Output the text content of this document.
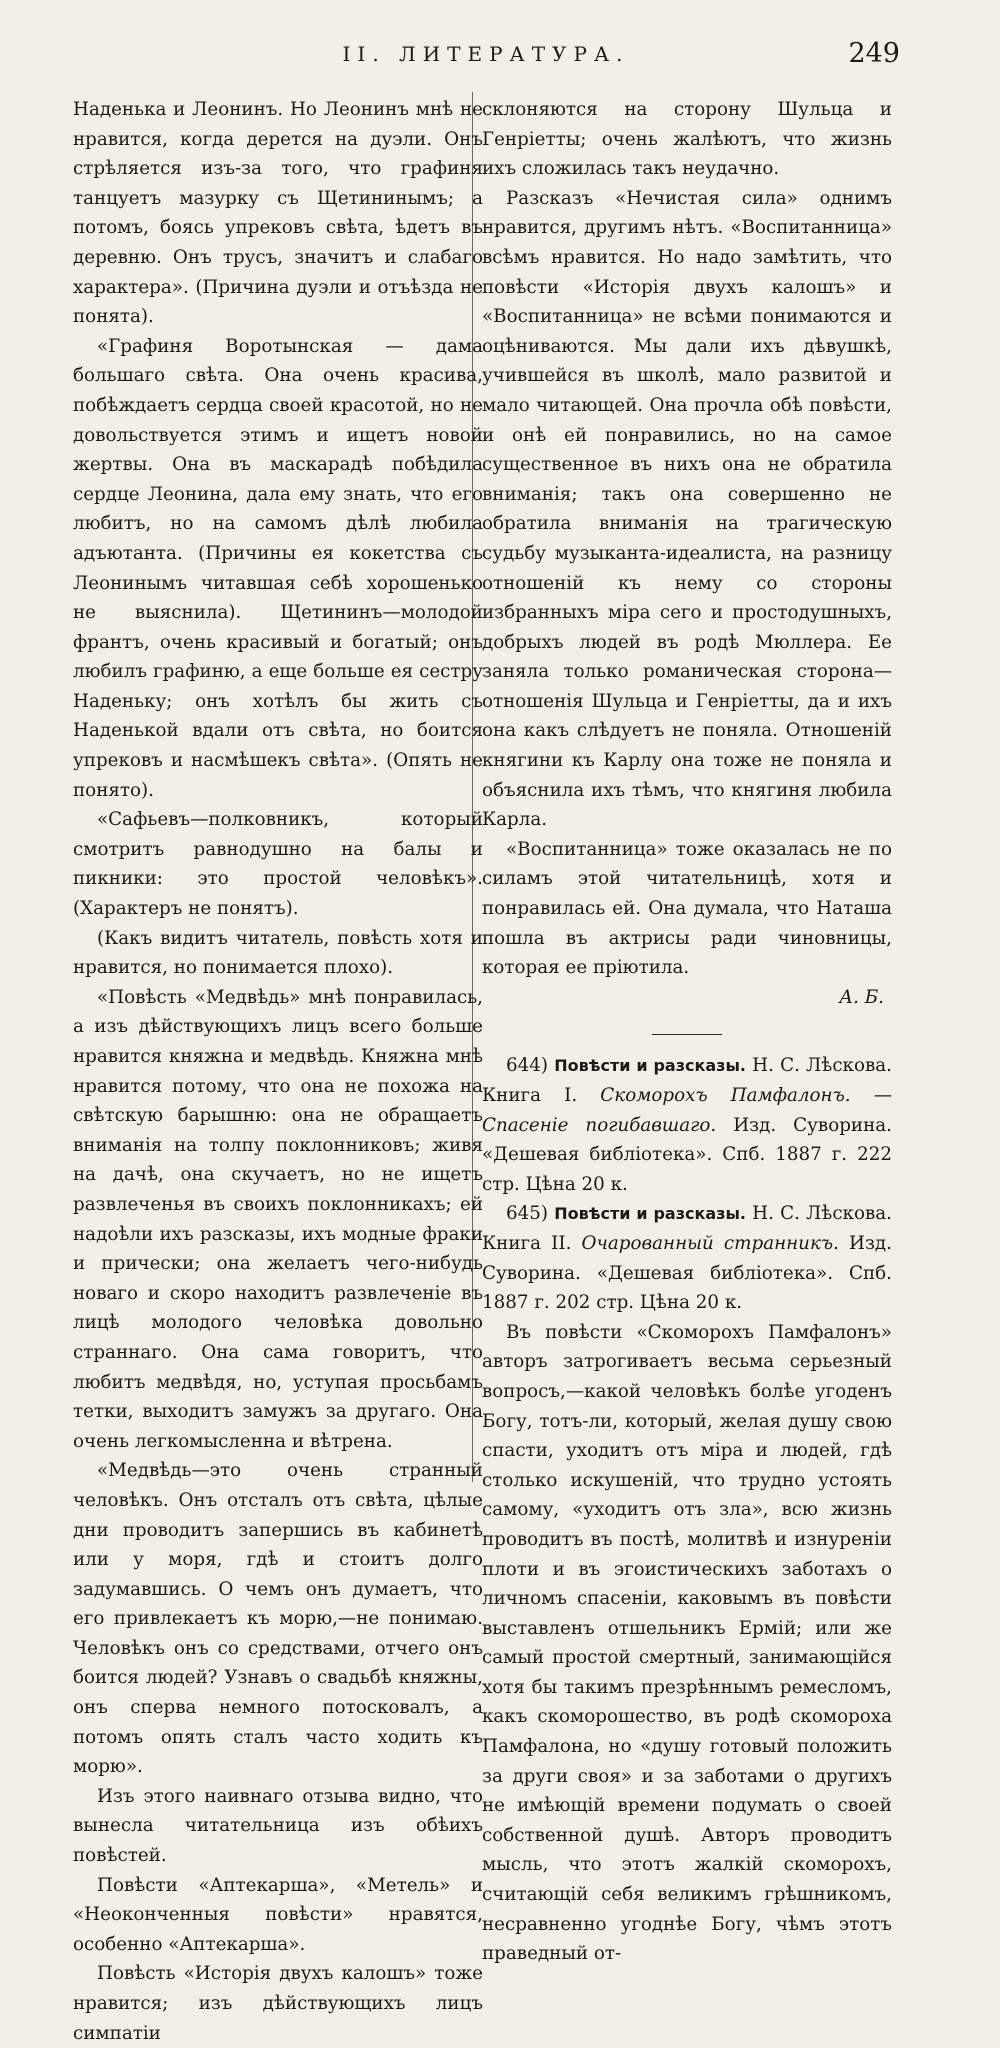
II. ЛИТЕРАТУРА.	249

Наденька и Леонинъ. Но Леонинъ мнѣ не нравится, когда дерется на дуэли. Онъ стрѣляется изъ-за того, что графиня танцуетъ мазурку съ Щетининымъ; а потомъ, боясь упрековъ свѣта, ѣдетъ въ деревню. Онъ трусъ, значитъ и слабаго характера». (Причина дуэли и отъѣзда не понята).

«Графиня Воротынская — дама большаго свѣта. Она очень красива, побѣждаетъ сердца своей красотой, но не довольствуется этимъ и ищетъ новой жертвы. Она въ маскарадѣ побѣдила сердце Леонина, дала ему знать, что его любитъ, но на самомъ дѣлѣ любила адъютанта. (Причины ея кокетства съ Леонинымъ читавшая себѣ хорошенько не выяснила). Щетининъ—молодой франтъ, очень красивый и богатый; онъ любилъ графиню, а еще больше ея сестру Наденьку; онъ хотѣлъ бы жить съ Наденькой вдали отъ свѣта, но боится упрековъ и насмѣшекъ свѣта». (Опять не понято).

«Сафьевъ—полковникъ, который смотритъ равнодушно на балы и пикники: это простой человѣкъ». (Характеръ не понятъ).

(Какъ видитъ читатель, повѣсть хотя и нравится, но понимается плохо).

«Повѣсть «Медвѣдь» мнѣ понравилась, а изъ дѣйствующихъ лицъ всего больше нравится княжна и медвѣдь. Княжна мнѣ нравится потому, что она не похожа на свѣтскую барышню: она не обращаетъ вниманія на толпу поклонниковъ; живя на дачѣ, она скучаетъ, но не ищетъ развлеченья въ своихъ поклонникахъ; ей надоѣли ихъ разсказы, ихъ модные фраки и прически; она желаетъ чего-нибудь новаго и скоро находитъ развлеченіе въ лицѣ молодого человѣка довольно страннаго. Она сама говоритъ, что любитъ медвѣдя, но, уступая просьбамъ тетки, выходитъ замужъ за другаго. Она очень легкомысленна и вѣтрена.

«Медвѣдь—это очень странный человѣкъ. Онъ отсталъ отъ свѣта, цѣлые дни проводитъ запершись въ кабинетѣ или у моря, гдѣ и стоитъ долго задумавшись. О чемъ онъ думаетъ, что его привлекаетъ къ морю,—не понимаю. Человѣкъ онъ со средствами, отчего онъ боится людей? Узнавъ о свадьбѣ княжны, онъ сперва немного потосковалъ, а потомъ опять сталъ часто ходить къ морю».

Изъ этого наивнаго отзыва видно, что вынесла читательница изъ обѣихъ повѣстей.

Повѣсти «Аптекарша», «Метель» и «Неоконченныя повѣсти» нравятся, особенно «Аптекарша».

Повѣсть «Исторія двухъ калошъ» тоже нравится; изъ дѣйствующихъ лицъ симпатіи

склоняются на сторону Шульца и Генріетты; очень жалѣютъ, что жизнь ихъ сложилась такъ неудачно.

Разсказъ «Нечистая сила» однимъ нравится, другимъ нѣтъ. «Воспитанница» всѣмъ нравится. Но надо замѣтить, что повѣсти «Исторія двухъ калошъ» и «Воспитанница» не всѣми понимаются и оцѣниваются. Мы дали ихъ дѣвушкѣ, учившейся въ школѣ, мало развитой и мало читающей. Она прочла обѣ повѣсти, и онѣ ей понравились, но на самое существенное въ нихъ она не обратила вниманія; такъ она совершенно не обратила вниманія на трагическую судьбу музыканта-идеалиста, на разницу отношеній къ нему со стороны избранныхъ міра сего и простодушныхъ, добрыхъ людей въ родѣ Мюллера. Ее заняла только романическая сторона—отношенія Шульца и Генріетты, да и ихъ она какъ слѣдуетъ не поняла. Отношеній княгини къ Карлу она тоже не поняла и объяснила ихъ тѣмъ, что княгиня любила Карла.

«Воспитанница» тоже оказалась не по силамъ этой читательницѣ, хотя и понравилась ей. Она думала, что Наташа пошла въ актрисы ради чиновницы, которая ее пріютила.

А. Б.

644) Повѣсти и разсказы. Н. С. Лѣскова. Книга I. Скоморохъ Памфалонъ. — Спасеніе погибавшаго. Изд. Суворина. «Дешевая библіотека». Спб. 1887 г. 222 стр. Цѣна 20 к.

645) Повѣсти и разсказы. Н. С. Лѣскова. Книга II. Очарованный странникъ. Изд. Суворина. «Дешевая библіотека». Спб. 1887 г. 202 стр. Цѣна 20 к.

Въ повѣсти «Скоморохъ Памфалонъ» авторъ затрогиваетъ весьма серьезный вопросъ,—какой человѣкъ болѣе угоденъ Богу, тотъ-ли, который, желая душу свою спасти, уходитъ отъ міра и людей, гдѣ столько искушеній, что трудно устоять самому, «уходитъ отъ зла», всю жизнь проводитъ въ постѣ, молитвѣ и изнуреніи плоти и въ эгоистическихъ заботахъ о личномъ спасеніи, каковымъ въ повѣсти выставленъ отшельникъ Ермій; или же самый простой смертный, занимающійся хотя бы такимъ презрѣннымъ ремесломъ, какъ скоморошество, въ родѣ скомороха Памфалона, но «душу готовый положить за други своя» и за заботами о другихъ не имѣющій времени подумать о своей собственной душѣ. Авторъ проводитъ мысль, что этотъ жалкій скоморохъ, считающій себя великимъ грѣшникомъ, несравненно угоднѣе Богу, чѣмъ этотъ праведный от-
